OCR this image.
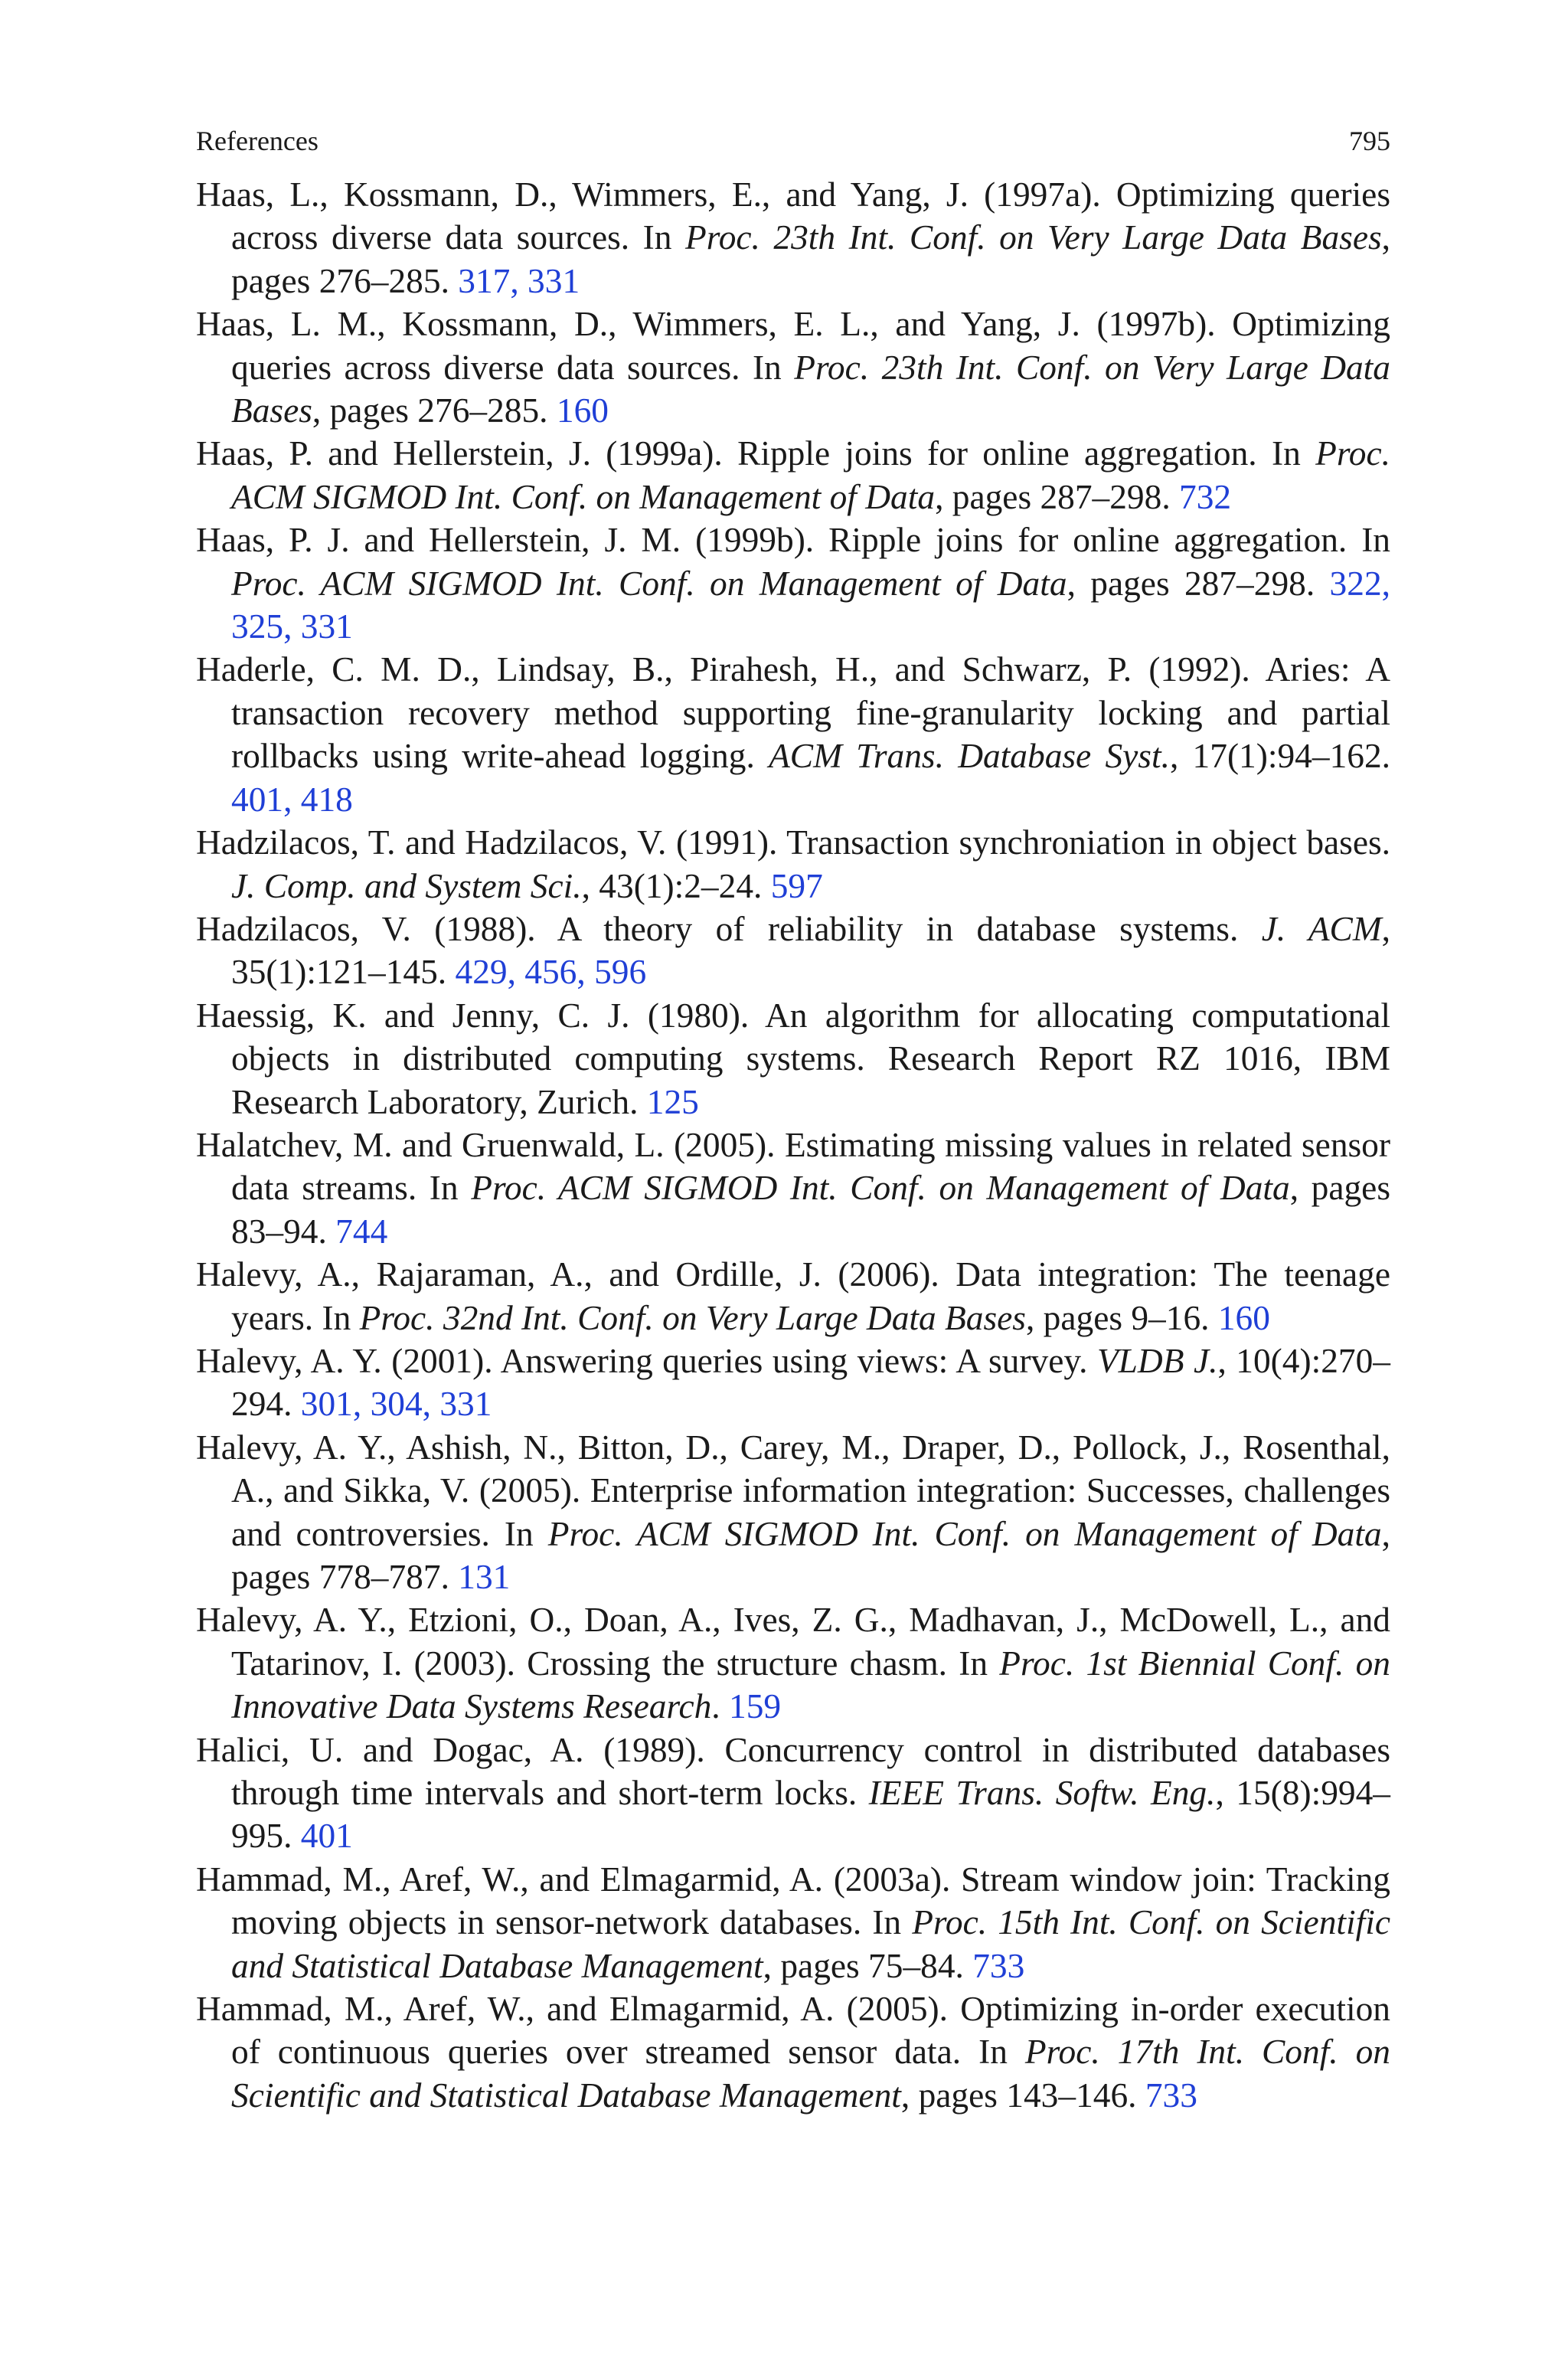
References	795
Haas, L., Kossmann, D., Wimmers, E., and Yang, J. (1997a). Optimizing queries across diverse data sources. In Proc. 23th Int. Conf. on Very Large Data Bases, pages 276–285. 317, 331
Haas, L. M., Kossmann, D., Wimmers, E. L., and Yang, J. (1997b). Optimizing queries across diverse data sources. In Proc. 23th Int. Conf. on Very Large Data Bases, pages 276–285. 160
Haas, P. and Hellerstein, J. (1999a). Ripple joins for online aggregation. In Proc. ACM SIGMOD Int. Conf. on Management of Data, pages 287–298. 732
Haas, P. J. and Hellerstein, J. M. (1999b). Ripple joins for online aggregation. In Proc. ACM SIGMOD Int. Conf. on Management of Data, pages 287–298. 322, 325, 331
Haderle, C. M. D., Lindsay, B., Pirahesh, H., and Schwarz, P. (1992). Aries: A transaction recovery method supporting fine-granularity locking and partial rollbacks using write-ahead logging. ACM Trans. Database Syst., 17(1):94–162. 401, 418
Hadzilacos, T. and Hadzilacos, V. (1991). Transaction synchroniation in object bases. J. Comp. and System Sci., 43(1):2–24. 597
Hadzilacos, V. (1988). A theory of reliability in database systems. J. ACM, 35(1):121–145. 429, 456, 596
Haessig, K. and Jenny, C. J. (1980). An algorithm for allocating computational objects in distributed computing systems. Research Report RZ 1016, IBM Research Laboratory, Zurich. 125
Halatchev, M. and Gruenwald, L. (2005). Estimating missing values in related sensor data streams. In Proc. ACM SIGMOD Int. Conf. on Management of Data, pages 83–94. 744
Halevy, A., Rajaraman, A., and Ordille, J. (2006). Data integration: The teenage years. In Proc. 32nd Int. Conf. on Very Large Data Bases, pages 9–16. 160
Halevy, A. Y. (2001). Answering queries using views: A survey. VLDB J., 10(4):270–294. 301, 304, 331
Halevy, A. Y., Ashish, N., Bitton, D., Carey, M., Draper, D., Pollock, J., Rosenthal, A., and Sikka, V. (2005). Enterprise information integration: Successes, challenges and controversies. In Proc. ACM SIGMOD Int. Conf. on Management of Data, pages 778–787. 131
Halevy, A. Y., Etzioni, O., Doan, A., Ives, Z. G., Madhavan, J., McDowell, L., and Tatarinov, I. (2003). Crossing the structure chasm. In Proc. 1st Biennial Conf. on Innovative Data Systems Research. 159
Halici, U. and Dogac, A. (1989). Concurrency control in distributed databases through time intervals and short-term locks. IEEE Trans. Softw. Eng., 15(8):994–995. 401
Hammad, M., Aref, W., and Elmagarmid, A. (2003a). Stream window join: Tracking moving objects in sensor-network databases. In Proc. 15th Int. Conf. on Scientific and Statistical Database Management, pages 75–84. 733
Hammad, M., Aref, W., and Elmagarmid, A. (2005). Optimizing in-order execution of continuous queries over streamed sensor data. In Proc. 17th Int. Conf. on Scientific and Statistical Database Management, pages 143–146. 733
